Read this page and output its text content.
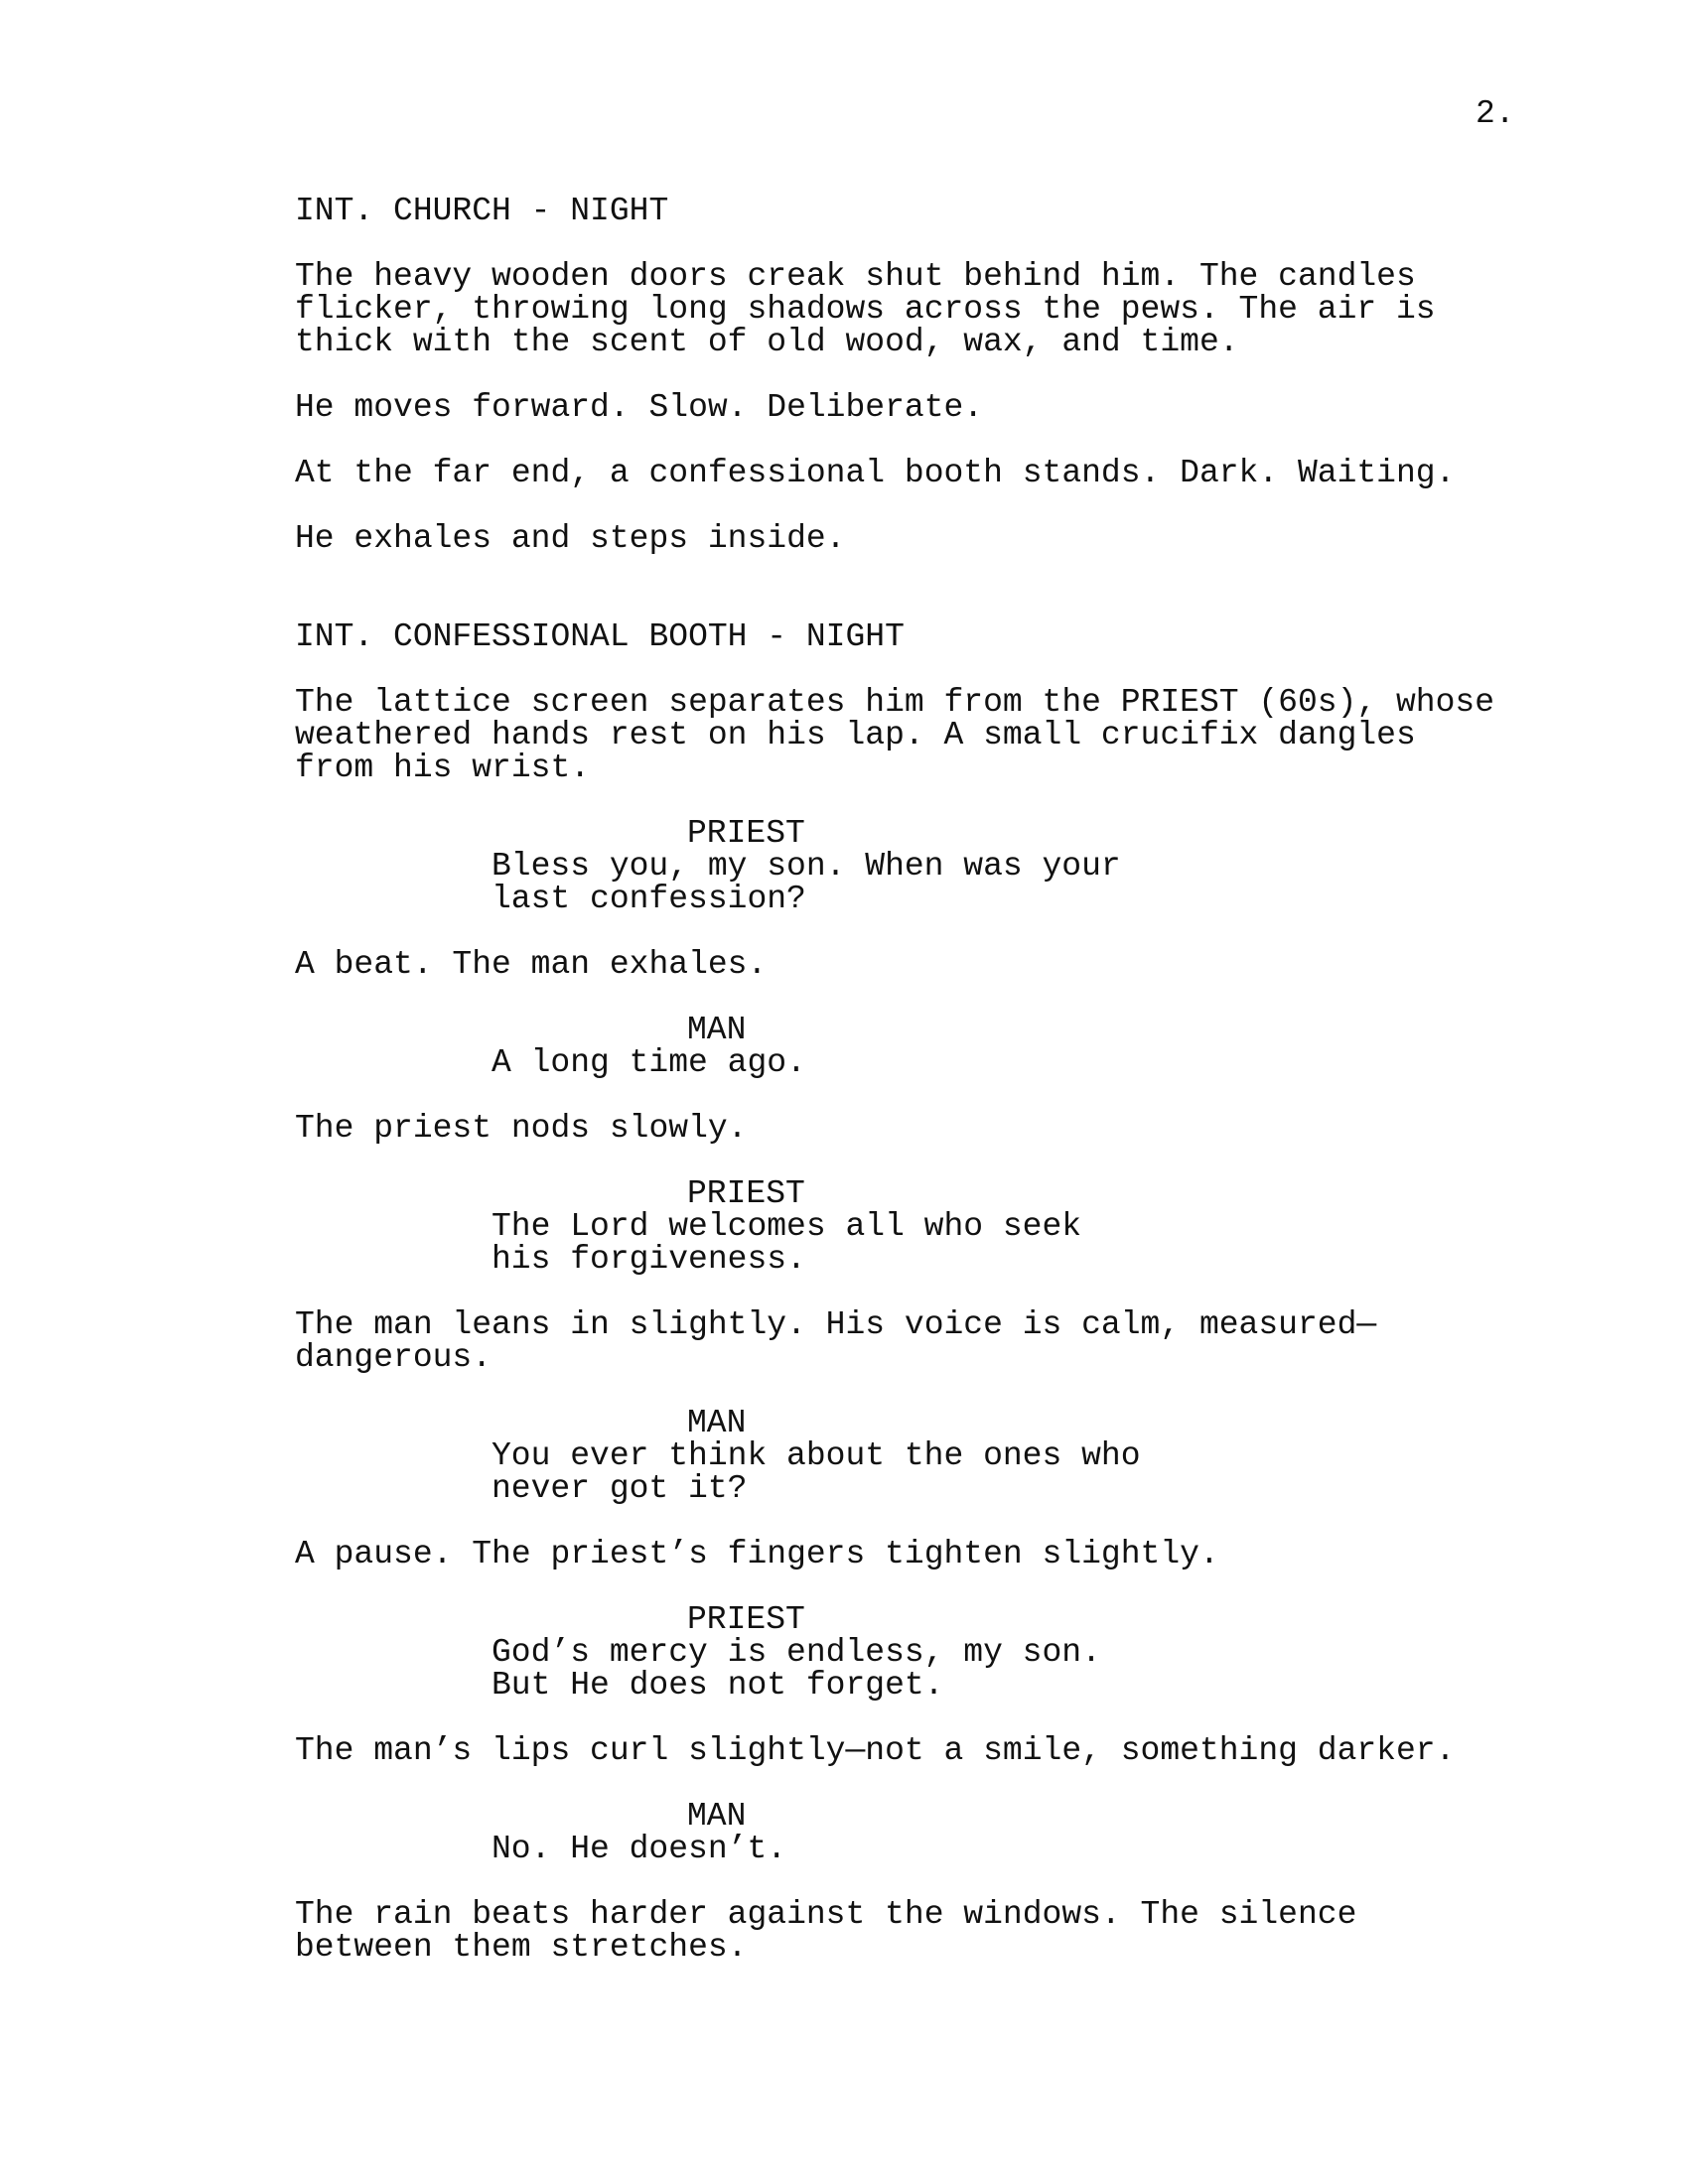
2.
INT. CHURCH - NIGHT
The heavy wooden doors creak shut behind him. The candles
flicker, throwing long shadows across the pews. The air is
thick with the scent of old wood, wax, and time.
He moves forward. Slow. Deliberate.
At the far end, a confessional booth stands. Dark. Waiting.
He exhales and steps inside.
INT. CONFESSIONAL BOOTH - NIGHT
The lattice screen separates him from the PRIEST (60s), whose
weathered hands rest on his lap. A small crucifix dangles
from his wrist.
PRIEST
Bless you, my son. When was your
last confession?
A beat. The man exhales.
MAN
A long time ago.
The priest nods slowly.
PRIEST
The Lord welcomes all who seek
his forgiveness.
The man leans in slightly. His voice is calm, measured—
dangerous.
MAN
You ever think about the ones who
never got it?
A pause. The priest’s fingers tighten slightly.
PRIEST
God’s mercy is endless, my son.
But He does not forget.
The man’s lips curl slightly—not a smile, something darker.
MAN
No. He doesn’t.
The rain beats harder against the windows. The silence
between them stretches.
